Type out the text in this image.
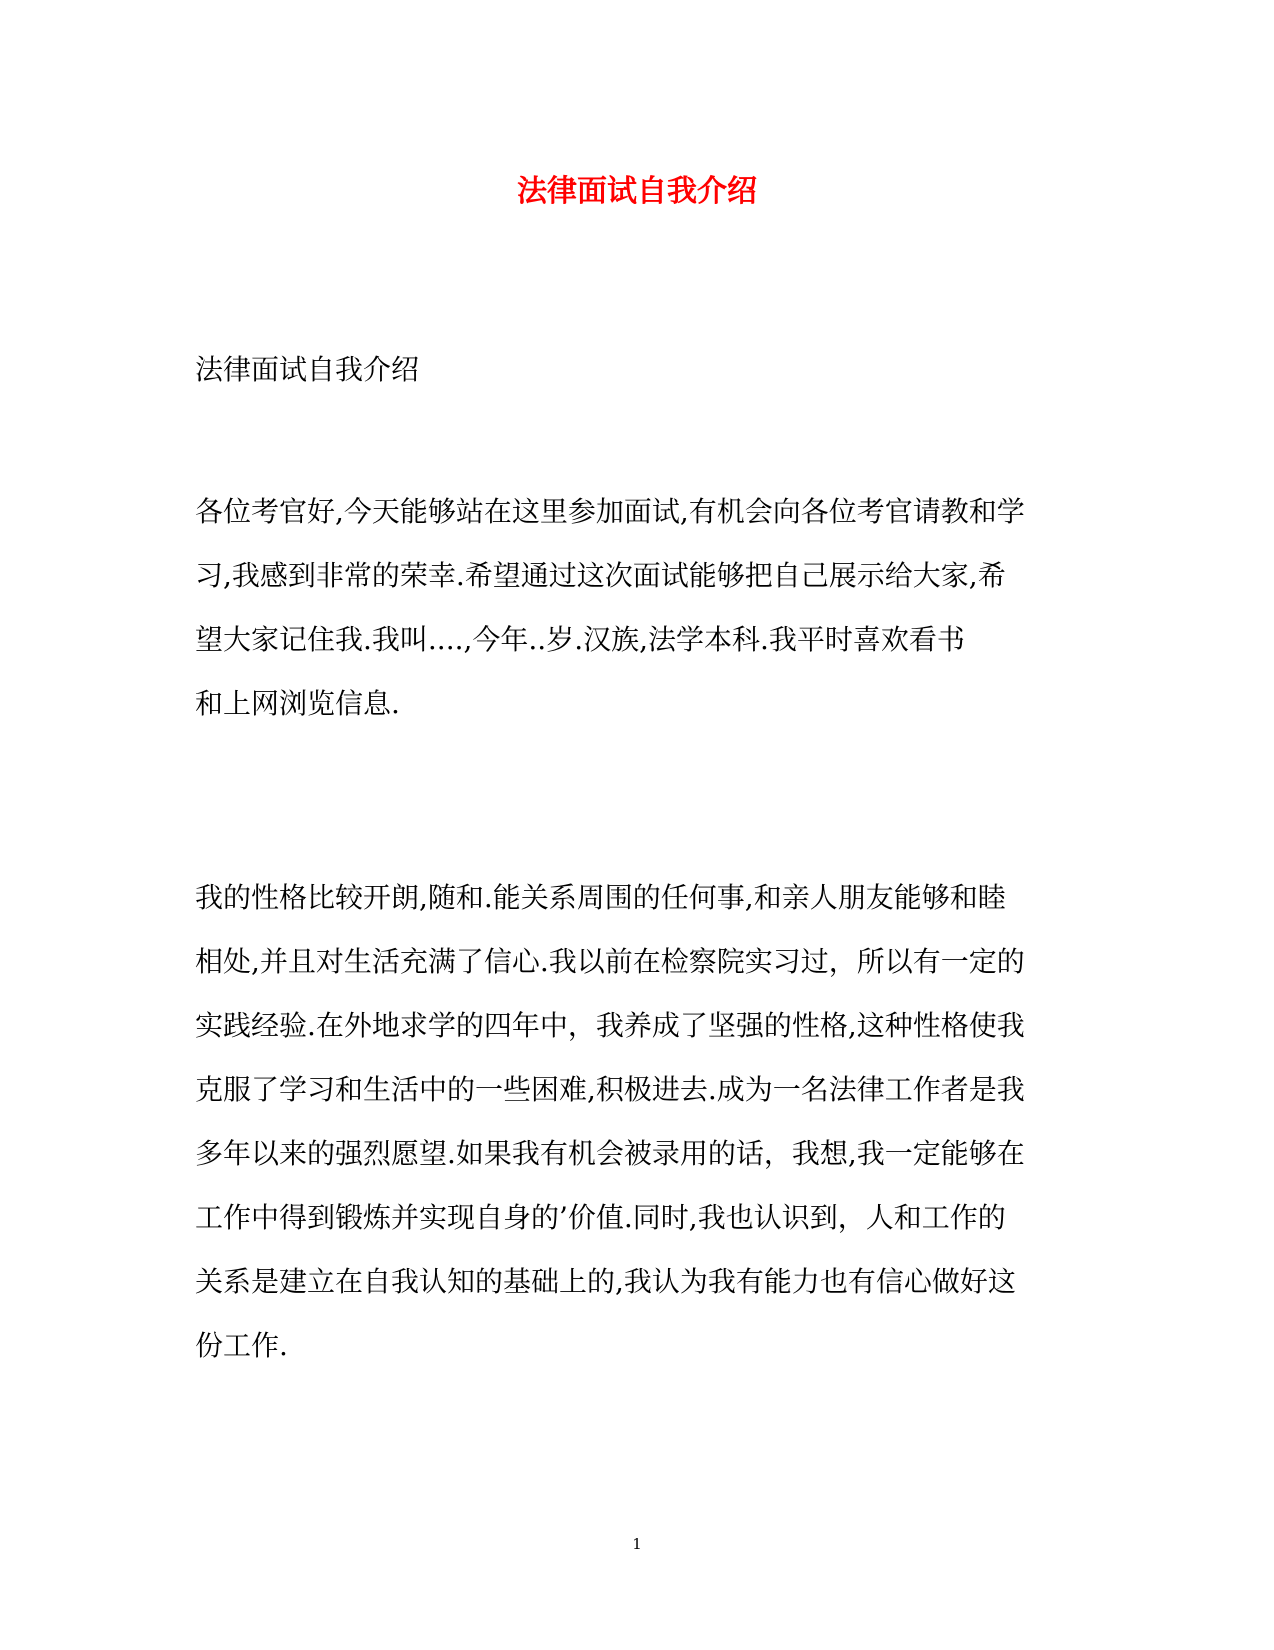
法律面试自我介绍

法律面试自我介绍

各位考官好,今天能够站在这里参加面试,有机会向各位考官请教和学
习,我感到非常的荣幸.希望通过这次面试能够把自己展示给大家,希
望大家记住我.我叫....,今年..岁.汉族,法学本科.我平时喜欢看书
和上网浏览信息.
我的性格比较开朗,随和.能关系周围的任何事,和亲人朋友能够和睦
相处,并且对生活充满了信心.我以前在检察院实习过，所以有一定的
实践经验.在外地求学的四年中，我养成了坚强的性格,这种性格使我
克服了学习和生活中的一些困难,积极进去.成为一名法律工作者是我
多年以来的强烈愿望.如果我有机会被录用的话，我想,我一定能够在
工作中得到锻炼并实现自身的’价值.同时,我也认识到，人和工作的
关系是建立在自我认知的基础上的,我认为我有能力也有信心做好这
份工作.

1
